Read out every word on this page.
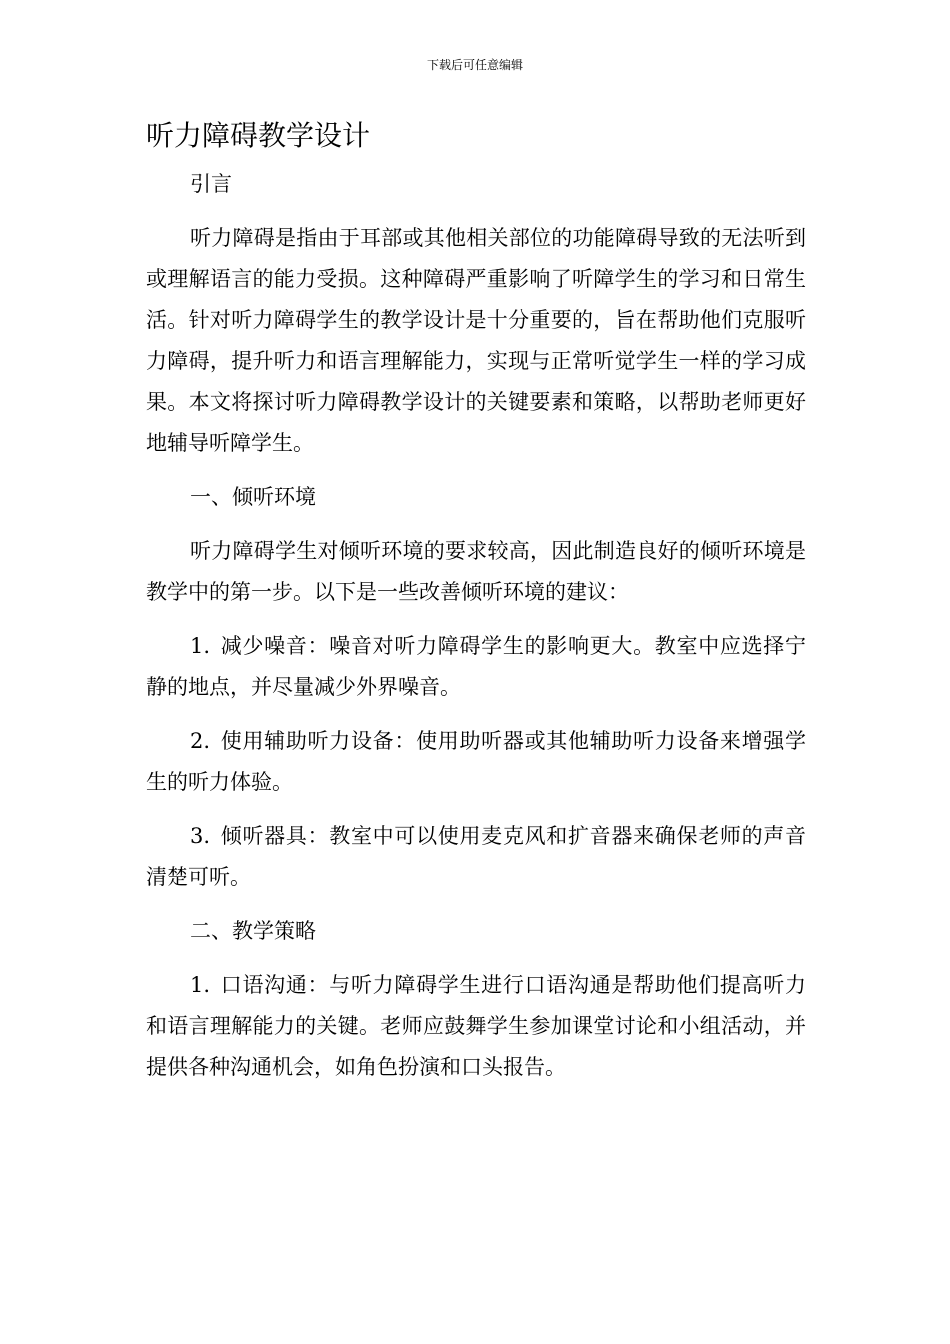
下载后可任意编辑
听力障碍教学设计

引言

听力障碍是指由于耳部或其他相关部位的功能障碍导致的无法听到或理解语言的能力受损。这种障碍严重影响了听障学生的学习和日常生活。针对听力障碍学生的教学设计是十分重要的，旨在帮助他们克服听力障碍，提升听力和语言理解能力，实现与正常听觉学生一样的学习成果。本文将探讨听力障碍教学设计的关键要素和策略，以帮助老师更好地辅导听障学生。

一、倾听环境

听力障碍学生对倾听环境的要求较高，因此制造良好的倾听环境是教学中的第一步。以下是一些改善倾听环境的建议：

1. 减少噪音：噪音对听力障碍学生的影响更大。教室中应选择宁静的地点，并尽量减少外界噪音。

2. 使用辅助听力设备：使用助听器或其他辅助听力设备来增强学生的听力体验。

3. 倾听器具：教室中可以使用麦克风和扩音器来确保老师的声音清楚可听。

二、教学策略

1. 口语沟通：与听力障碍学生进行口语沟通是帮助他们提高听力和语言理解能力的关键。老师应鼓舞学生参加课堂讨论和小组活动，并提供各种沟通机会，如角色扮演和口头报告。
